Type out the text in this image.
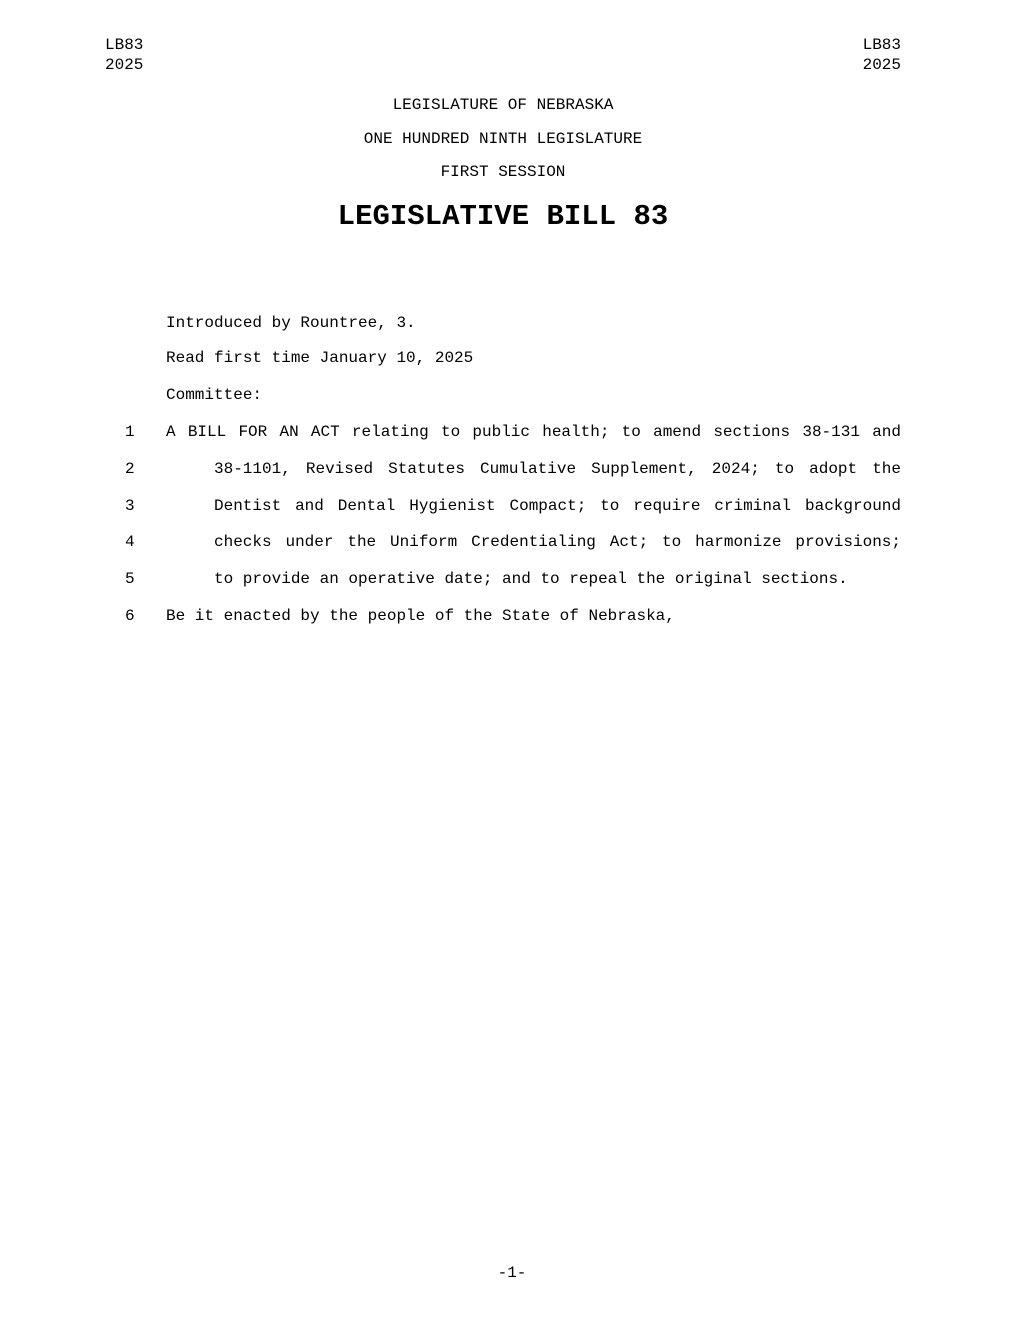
LB83
2025
LB83
2025
LEGISLATURE OF NEBRASKA
ONE HUNDRED NINTH LEGISLATURE
FIRST SESSION
LEGISLATIVE BILL 83
Introduced by Rountree, 3.
Read first time January 10, 2025
Committee:
1 A BILL FOR AN ACT relating to public health; to amend sections 38-131 and
2	38-1101, Revised Statutes Cumulative Supplement, 2024; to adopt the
3	Dentist and Dental Hygienist Compact; to require criminal background
4	checks under the Uniform Credentialing Act; to harmonize provisions;
5	to provide an operative date; and to repeal the original sections.
6 Be it enacted by the people of the State of Nebraska,
-1-
